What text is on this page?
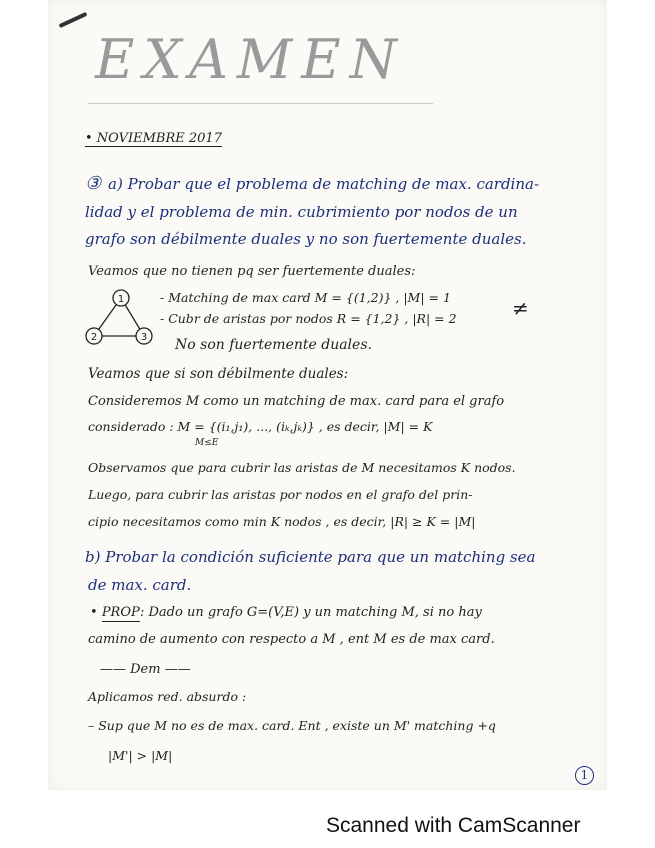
EXAMEN
• NOVIEMBRE 2017
③ a) Probar que el problema de matching de max. cardina-
lidad y el problema de min. cubrimiento por nodos de un
grafo son débilmente duales y no son fuertemente duales.
Veamos que no tienen pq ser fuertemente duales:
1
2	3
- Matching de max card M = {(1,2)} , |M| = 1
- Cubr de aristas por nodos R = {1,2} , |R| = 2	≠
No son fuertemente duales.
Veamos que si son débilmente duales:
Consideremos M como un matching de max. card para el grafo
considerado : M = {(i₁,j₁), ..., (iₖ,jₖ)} , es decir, |M| = K
M≤E
Observamos que para cubrir las aristas de M necesitamos K nodos.
Luego, para cubrir las aristas por nodos en el grafo del prin-
cipio necesitamos como min K nodos , es decir, |R| ≥ K = |M|
b) Probar la condición suficiente para que un matching sea
de max. card.
• PROP : Dado un grafo G=(V,E) y un matching M, si no hay
camino de aumento con respecto a M , ent M es de max card.
—— Dem ——
Aplicamos red. absurdo :
– Sup que M no es de max. card. Ent , existe un M' matching +q
|M'| > |M|
1
Scanned with CamScanner
